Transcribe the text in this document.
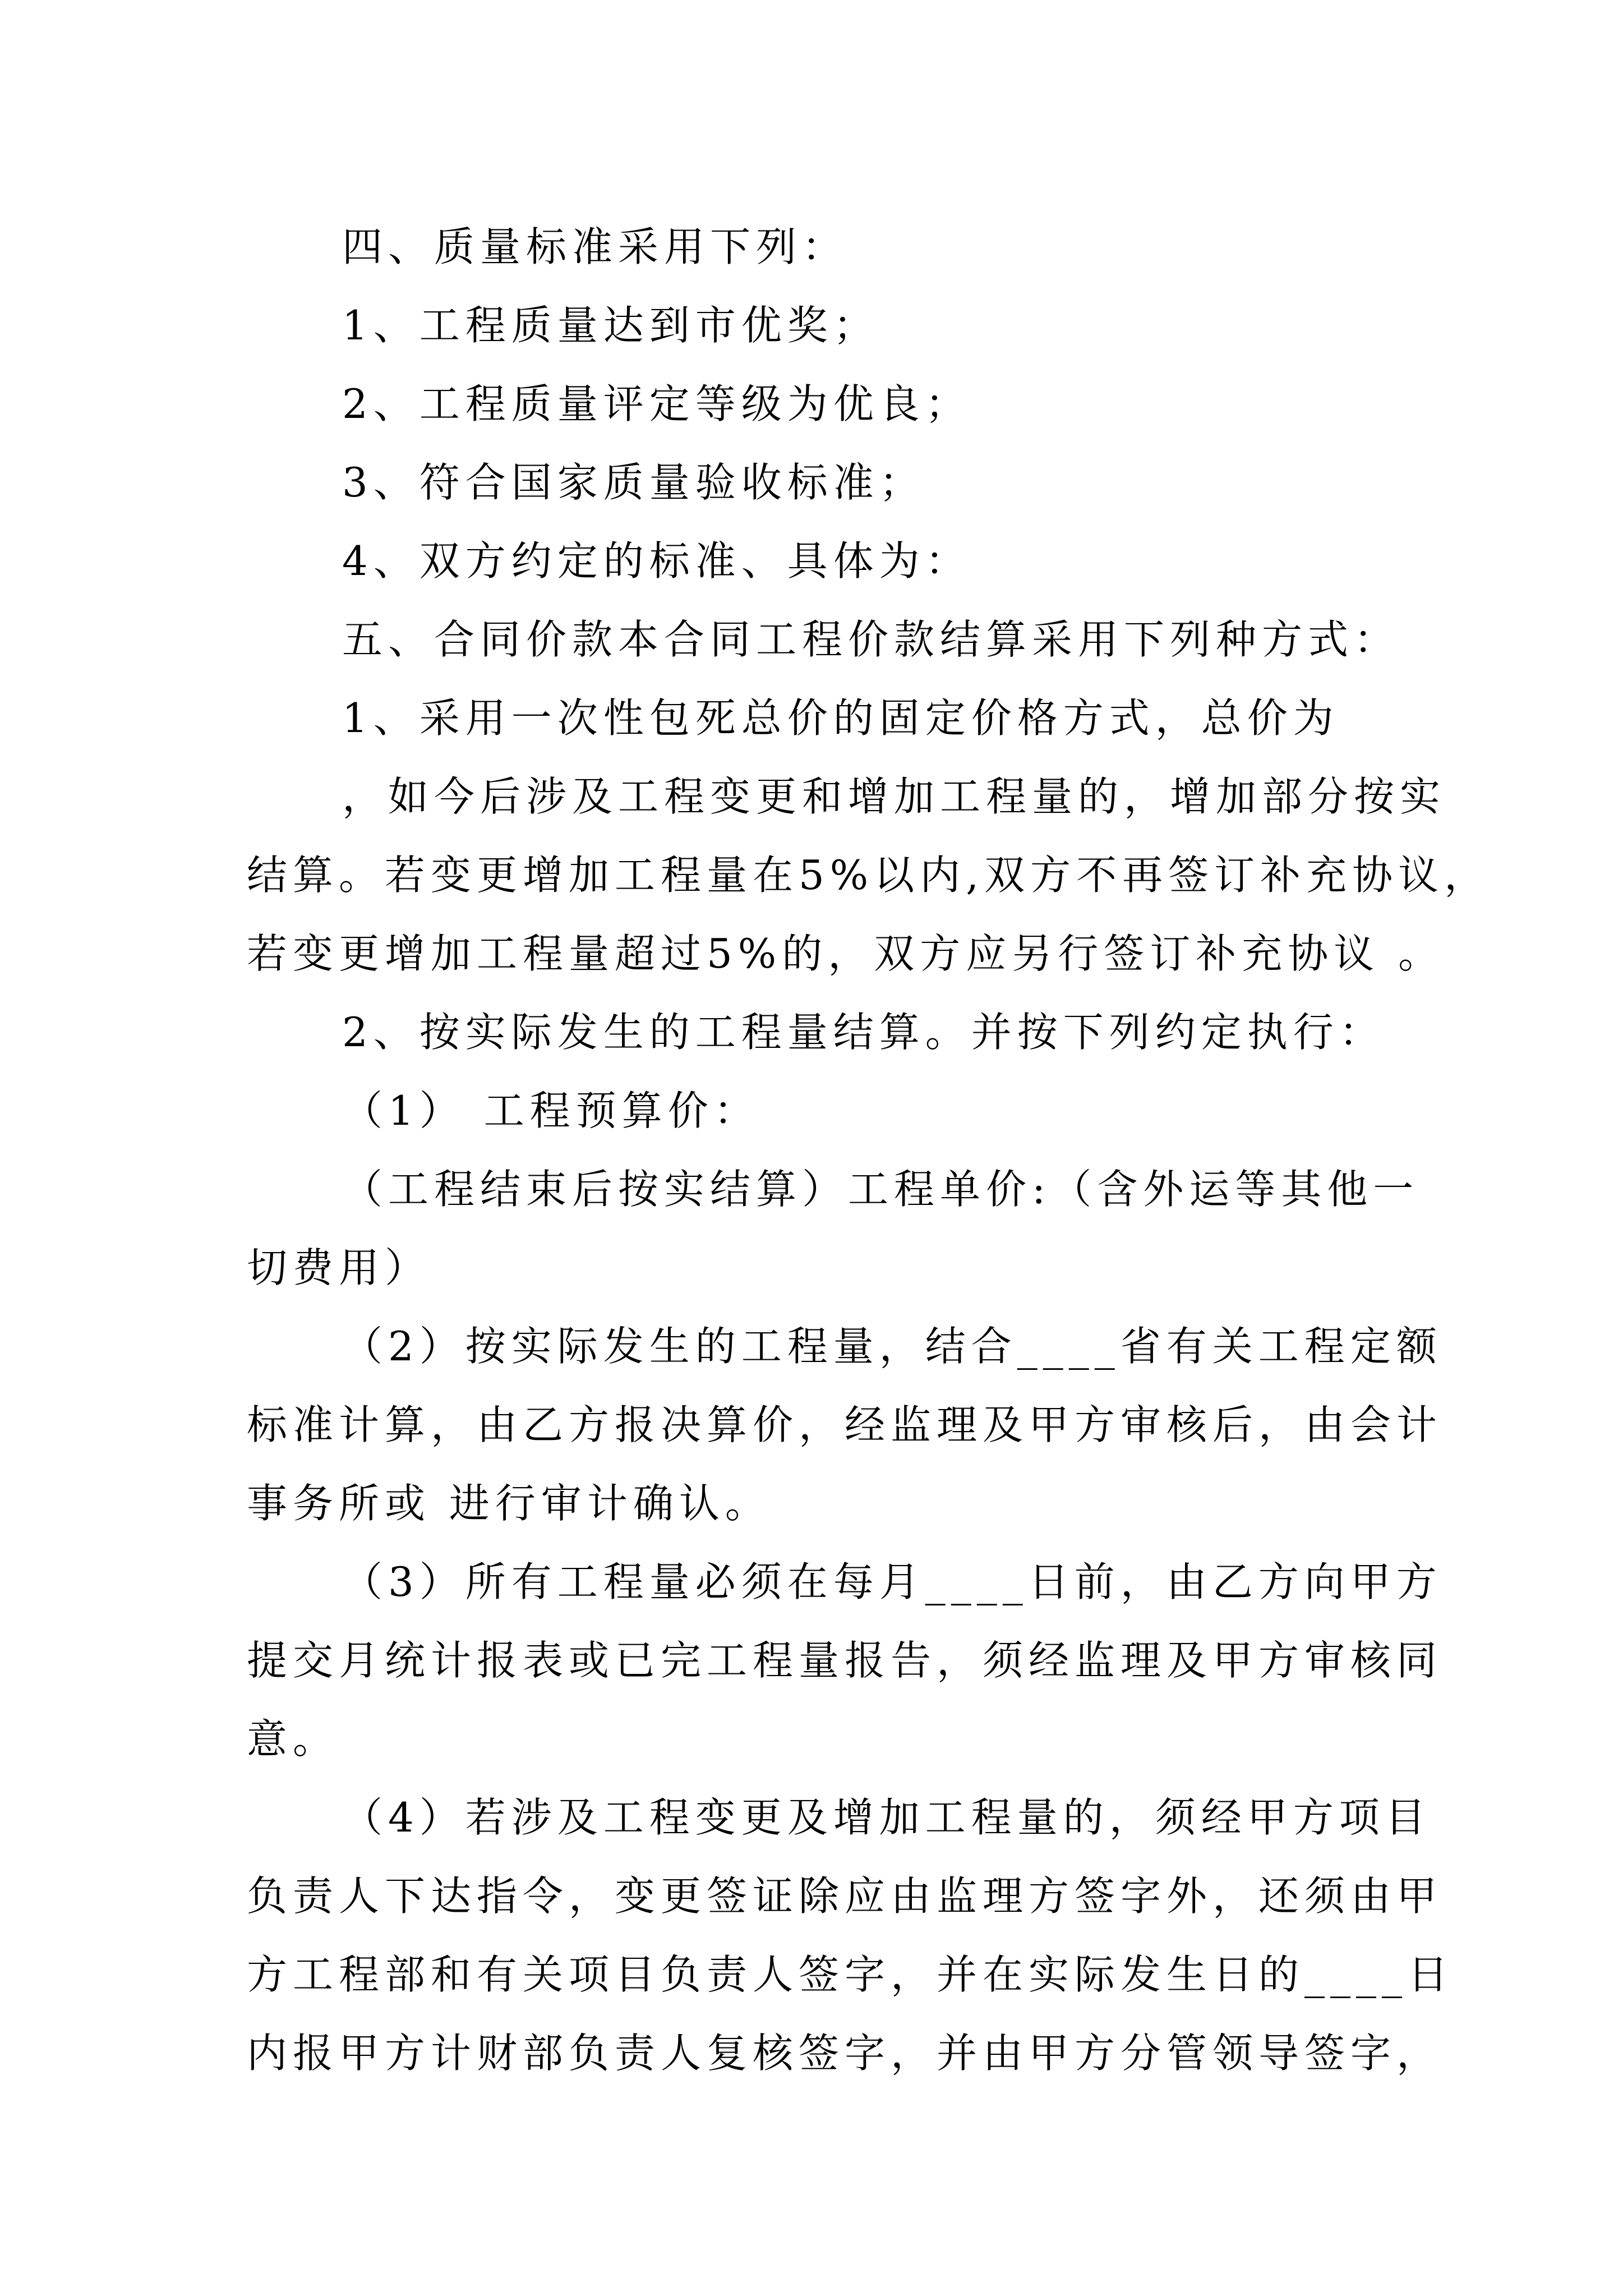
四、质量标准采用下列：

1、工程质量达到市优奖；

2、工程质量评定等级为优良；

3、符合国家质量验收标准；

4、双方约定的标准、具体为：

五、合同价款本合同工程价款结算采用下列种方式：

1、采用一次性包死总价的固定价格方式，总价为

，如今后涉及工程变更和增加工程量的，增加部分按实

结算。若变更增加工程量在5%以内,双方不再签订补充协议，

若变更增加工程量超过5%的，双方应另行签订补充协议 。

2、按实际发生的工程量结算。并按下列约定执行：

（1） 工程预算价：

（工程结束后按实结算）工程单价:（含外运等其他一

切费用）

（2）按实际发生的工程量，结合____省有关工程定额

标准计算，由乙方报决算价，经监理及甲方审核后，由会计

事务所或 进行审计确认。

（3）所有工程量必须在每月____日前，由乙方向甲方

提交月统计报表或已完工程量报告，须经监理及甲方审核同

意。

（4）若涉及工程变更及增加工程量的，须经甲方项目

负责人下达指令，变更签证除应由监理方签字外，还须由甲

方工程部和有关项目负责人签字，并在实际发生日的____日

内报甲方计财部负责人复核签字，并由甲方分管领导签字，
